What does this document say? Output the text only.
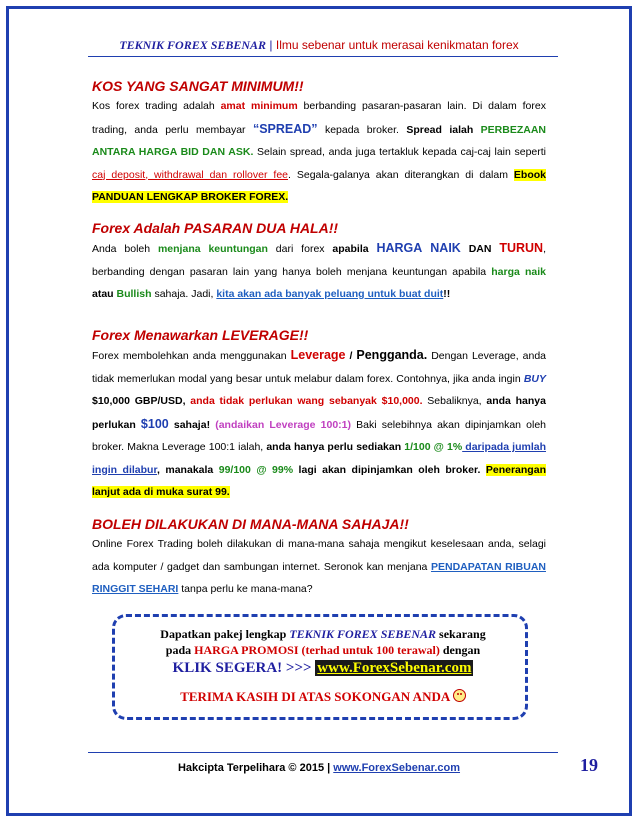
TEKNIK FOREX SEBENAR | Ilmu sebenar untuk merasai kenikmatan forex
KOS YANG SANGAT MINIMUM!!
Kos forex trading adalah amat minimum berbanding pasaran-pasaran lain. Di dalam forex trading, anda perlu membayar “SPREAD” kepada broker. Spread ialah PERBEZAAN ANTARA HARGA BID DAN ASK. Selain spread, anda juga tertakluk kepada caj-caj lain seperti caj deposit, withdrawal dan rollover fee. Segala-galanya akan diterangkan di dalam Ebook PANDUAN LENGKAP BROKER FOREX.
Forex Adalah PASARAN DUA HALA!!
Anda boleh menjana keuntungan dari forex apabila HARGA NAIK DAN TURUN, berbanding dengan pasaran lain yang hanya boleh menjana keuntungan apabila harga naik atau Bullish sahaja. Jadi, kita akan ada banyak peluang untuk buat duit!!
Forex Menawarkan LEVERAGE!!
Forex membolehkan anda menggunakan Leverage / Pengganda. Dengan Leverage, anda tidak memerlukan modal yang besar untuk melabur dalam forex. Contohnya, jika anda ingin BUY $10,000 GBP/USD, anda tidak perlukan wang sebanyak $10,000. Sebaliknya, anda hanya perlukan $100 sahaja! (andaikan Leverage 100:1) Baki selebihnya akan dipinjamkan oleh broker. Makna Leverage 100:1 ialah, anda hanya perlu sediakan 1/100 @ 1% daripada jumlah ingin dilabur, manakala 99/100 @ 99% lagi akan dipinjamkan oleh broker. Penerangan lanjut ada di muka surat 99.
BOLEH DILAKUKAN DI MANA-MANA SAHAJA!!
Online Forex Trading boleh dilakukan di mana-mana sahaja mengikut keselesaan anda, selagi ada komputer / gadget dan sambungan internet. Seronok kan menjana PENDAPATAN RIBUAN RINGGIT SEHARI tanpa perlu ke mana-mana?
Dapatkan pakej lengkap TEKNIK FOREX SEBENAR sekarang
pada HARGA PROMOSI (terhad untuk 100 terawal) dengan
KLIK SEGERA! >>> www.ForexSebenar.com
TERIMA KASIH DI ATAS SOKONGAN ANDA
Hakcipta Terpelihara © 2015 | www.ForexSebenar.com	19
